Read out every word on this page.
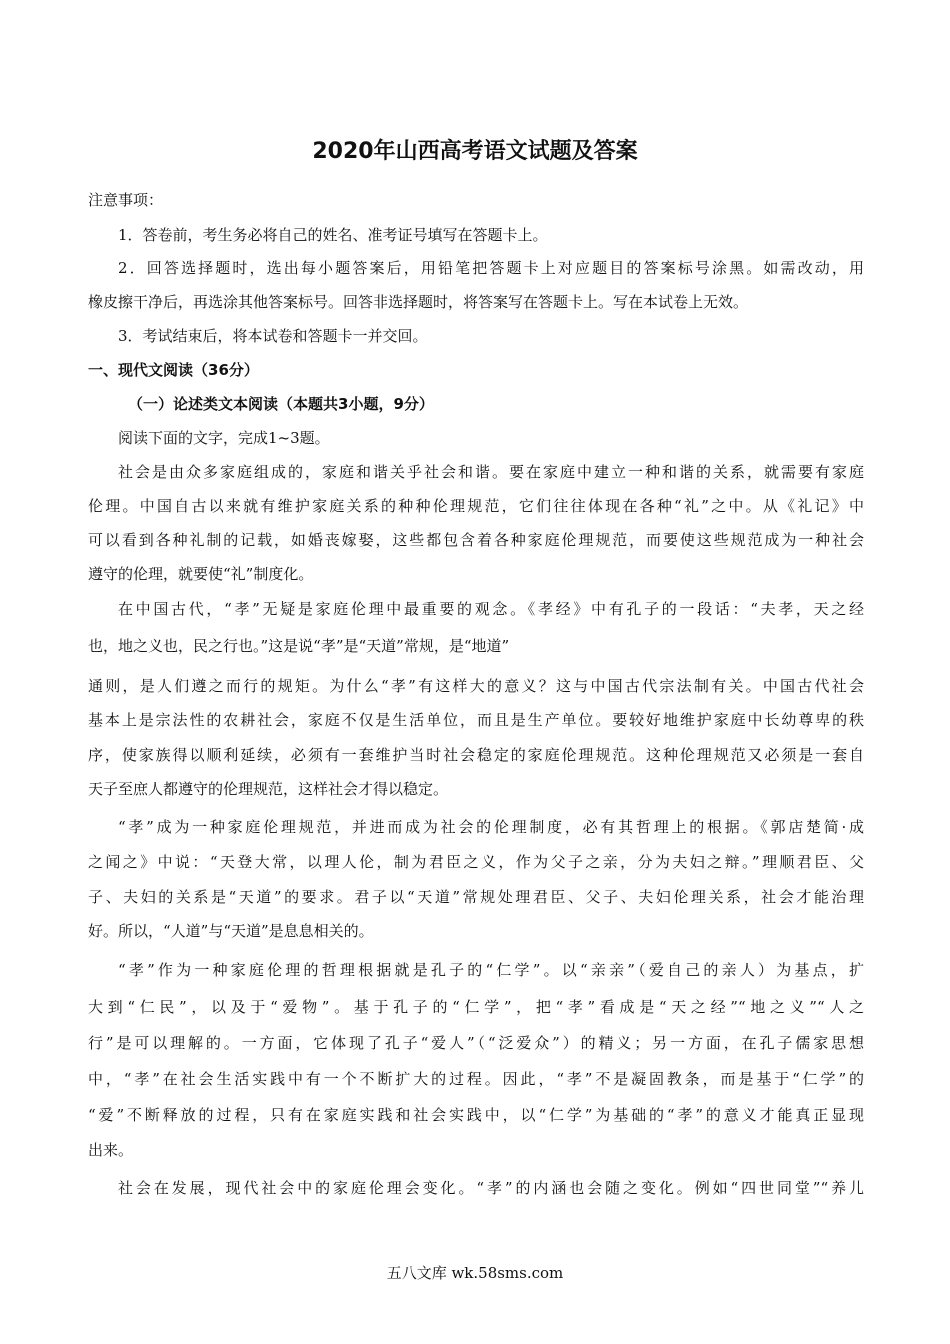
2020年山西高考语文试题及答案
注意事项：
1．答卷前，考生务必将自己的姓名、准考证号填写在答题卡上。
2．回答选择题时，选出每小题答案后，用铅笔把答题卡上对应题目的答案标号涂黑。如需改动，用
橡皮擦干净后，再选涂其他答案标号。回答非选择题时，将答案写在答题卡上。写在本试卷上无效。
3．考试结束后，将本试卷和答题卡一并交回。
一、现代文阅读（36分）
（一）论述类文本阅读（本题共3小题，9分）
阅读下面的文字，完成1~3题。
社会是由众多家庭组成的，家庭和谐关乎社会和谐。要在家庭中建立一种和谐的关系，就需要有家庭
伦理。中国自古以来就有维护家庭关系的种种伦理规范，它们往往体现在各种“礼”之中。从《礼记》中
可以看到各种礼制的记载，如婚丧嫁娶，这些都包含着各种家庭伦理规范，而要使这些规范成为一种社会
遵守的伦理，就要使“礼”制度化。
在中国古代，“孝”无疑是家庭伦理中最重要的观念。《孝经》中有孔子的一段话：“夫孝，天之经
也，地之义也，民之行也。”这是说“孝”是“天道”常规，是“地道”
通则，是人们遵之而行的规矩。为什么“孝”有这样大的意义？这与中国古代宗法制有关。中国古代社会
基本上是宗法性的农耕社会，家庭不仅是生活单位，而且是生产单位。要较好地维护家庭中长幼尊卑的秩
序，使家族得以顺利延续，必须有一套维护当时社会稳定的家庭伦理规范。这种伦理规范又必须是一套自
天子至庶人都遵守的伦理规范，这样社会才得以稳定。
“孝”成为一种家庭伦理规范，并进而成为社会的伦理制度，必有其哲理上的根据。《郭店楚简·成
之闻之》中说：“天登大常，以理人伦，制为君臣之义，作为父子之亲，分为夫妇之辩。”理顺君臣、父
子、夫妇的关系是“天道”的要求。君子以“天道”常规处理君臣、父子、夫妇伦理关系，社会才能治理
好。所以，“人道”与“天道”是息息相关的。
“孝”作为一种家庭伦理的哲理根据就是孔子的“仁学”。以“亲亲”（爱自己的亲人）为基点，扩
大到“仁民”，以及于“爱物”。基于孔子的“仁学”，把“孝”看成是“天之经”“地之义”“人之
行”是可以理解的。一方面，它体现了孔子“爱人”（“泛爱众”）的精义；另一方面，在孔子儒家思想
中，“孝”在社会生活实践中有一个不断扩大的过程。因此，“孝”不是凝固教条，而是基于“仁学”的
“爱”不断释放的过程，只有在家庭实践和社会实践中，以“仁学”为基础的“孝”的意义才能真正显现
出来。
社会在发展，现代社会中的家庭伦理会变化。“孝”的内涵也会随之变化。例如“四世同堂”“养儿
五八文库 wk.58sms.com
